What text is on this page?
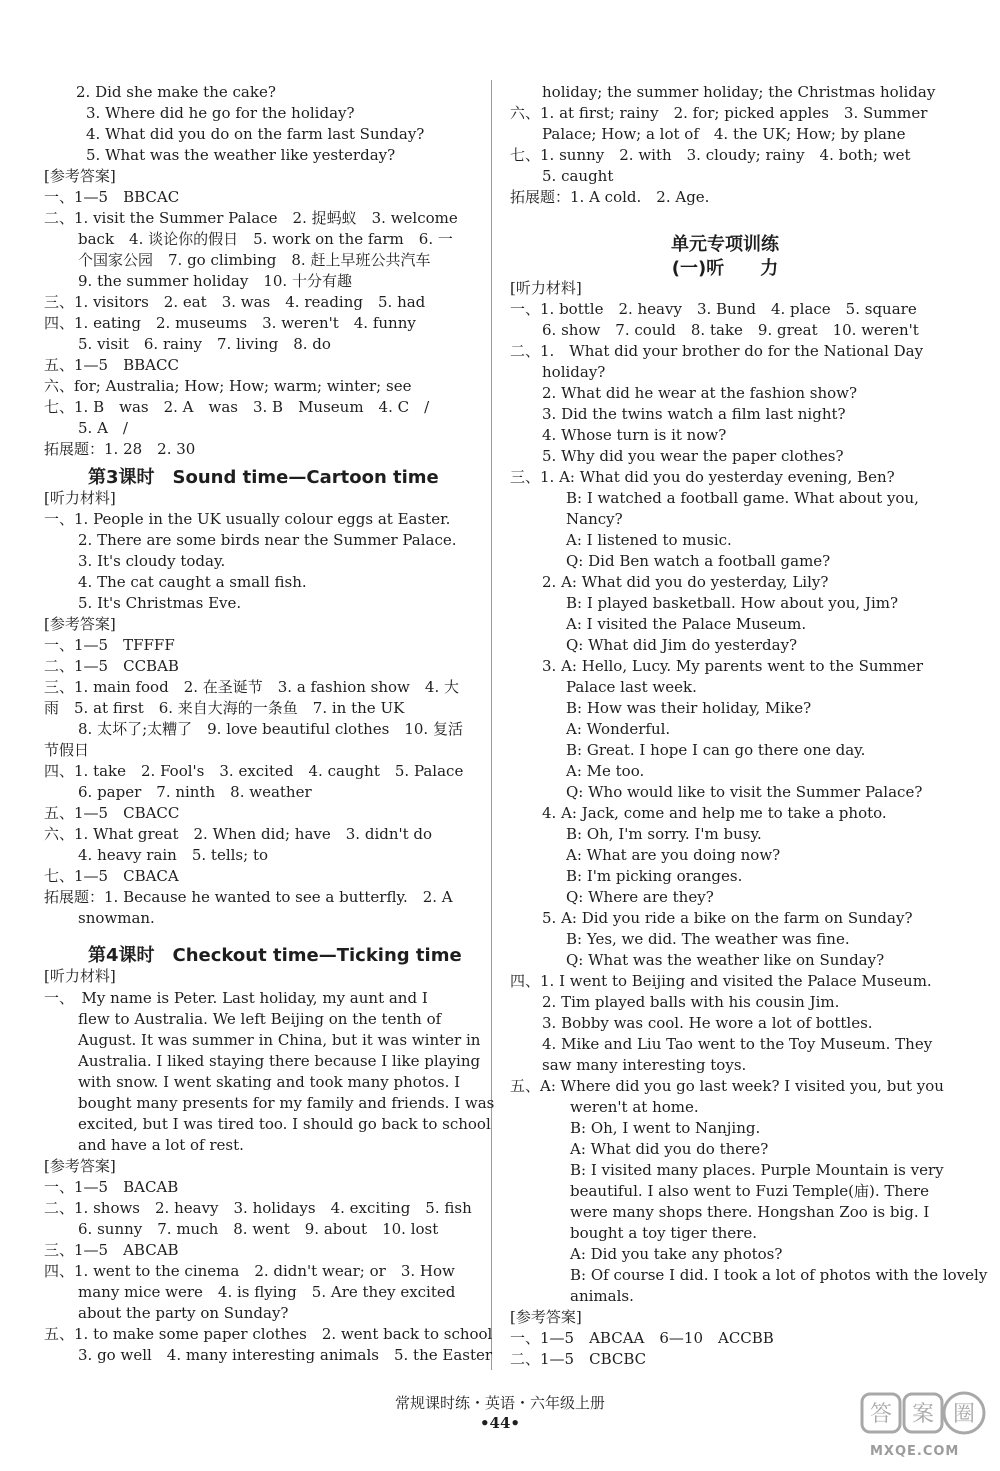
2. Did she make the cake?
3. Where did he go for the holiday?
4. What did you do on the farm last Sunday?
5. What was the weather like yesterday?
[参考答案]
一、1—5　BBCAC
二、1. visit the Summer Palace　2. 捉蚂蚁　3. welcome
back　4. 谈论你的假日　5. work on the farm　6. 一
个国家公园　7. go climbing　8. 赶上早班公共汽车
9. the summer holiday　10. 十分有趣
三、1. visitors　2. eat　3. was　4. reading　5. had
四、1. eating　2. museums　3. weren't　4. funny
5. visit　6. rainy　7. living　8. do
五、1—5　BBACC
六、for; Australia; How; How; warm; winter; see
七、1. B　was　2. A　was　3. B　Museum　4. C　/
5. A　/
拓展题：1. 28　2. 30
第3课时　Sound time—Cartoon time
[听力材料]
一、1. People in the UK usually colour eggs at Easter.
2. There are some birds near the Summer Palace.
3. It's cloudy today.
4. The cat caught a small fish.
5. It's Christmas Eve.
[参考答案]
一、1—5　TFFFF
二、1—5　CCBAB
三、1. main food　2. 在圣诞节　3. a fashion show　4. 大
雨　5. at first　6. 来自大海的一条鱼　7. in the UK
8. 太坏了;太糟了　9. love beautiful clothes　10. 复活
节假日
四、1. take　2. Fool's　3. excited　4. caught　5. Palace
6. paper　7. ninth　8. weather
五、1—5　CBACC
六、1. What great　2. When did; have　3. didn't do
4. heavy rain　5. tells; to
七、1—5　CBACA
拓展题：1. Because he wanted to see a butterfly.　2. A
snowman.
第4课时　Checkout time—Ticking time
[听力材料]
一、　My name is Peter. Last holiday, my aunt and I
flew to Australia. We left Beijing on the tenth of
August. It was summer in China, but it was winter in
Australia. I liked staying there because I like playing
with snow. I went skating and took many photos. I
bought many presents for my family and friends. I was
excited, but I was tired too. I should go back to school
and have a lot of rest.
[参考答案]
一、1—5　BACAB
二、1. shows　2. heavy　3. holidays　4. exciting　5. fish
6. sunny　7. much　8. went　9. about　10. lost
三、1—5　ABCAB
四、1. went to the cinema　2. didn't wear; or　3. How
many mice were　4. is flying　5. Are they excited
about the party on Sunday?
五、1. to make some paper clothes　2. went back to school
3. go well　4. many interesting animals　5. the Easter
holiday; the summer holiday; the Christmas holiday
六、1. at first; rainy　2. for; picked apples　3. Summer
Palace; How; a lot of　4. the UK; How; by plane
七、1. sunny　2. with　3. cloudy; rainy　4. both; wet
5. caught
拓展题：1. A cold.　2. Age.
单元专项训练
(一)听　　力
[听力材料]
一、1. bottle　2. heavy　3. Bund　4. place　5. square
6. show　7. could　8. take　9. great　10. weren't
二、1.　What did your brother do for the National Day
holiday?
2. What did he wear at the fashion show?
3. Did the twins watch a film last night?
4. Whose turn is it now?
5. Why did you wear the paper clothes?
三、1. A: What did you do yesterday evening, Ben?
B: I watched a football game. What about you,
Nancy?
A: I listened to music.
Q: Did Ben watch a football game?
2. A: What did you do yesterday, Lily?
B: I played basketball. How about you, Jim?
A: I visited the Palace Museum.
Q: What did Jim do yesterday?
3. A: Hello, Lucy. My parents went to the Summer
Palace last week.
B: How was their holiday, Mike?
A: Wonderful.
B: Great. I hope I can go there one day.
A: Me too.
Q: Who would like to visit the Summer Palace?
4. A: Jack, come and help me to take a photo.
B: Oh, I'm sorry. I'm busy.
A: What are you doing now?
B: I'm picking oranges.
Q: Where are they?
5. A: Did you ride a bike on the farm on Sunday?
B: Yes, we did. The weather was fine.
Q: What was the weather like on Sunday?
四、1. I went to Beijing and visited the Palace Museum.
2. Tim played balls with his cousin Jim.
3. Bobby was cool. He wore a lot of bottles.
4. Mike and Liu Tao went to the Toy Museum. They
saw many interesting toys.
五、A: Where did you go last week? I visited you, but you
weren't at home.
B: Oh, I went to Nanjing.
A: What did you do there?
B: I visited many places. Purple Mountain is very
beautiful. I also went to Fuzi Temple(庙). There
were many shops there. Hongshan Zoo is big. I
bought a toy tiger there.
A: Did you take any photos?
B: Of course I did. I took a lot of photos with the lovely
animals.
[参考答案]
一、1—5　ABCAA　6—10　ACCBB
二、1—5　CBCBC
常规课时练・英语・六年级上册
•44•	答 案 圈
MXQE.COM
